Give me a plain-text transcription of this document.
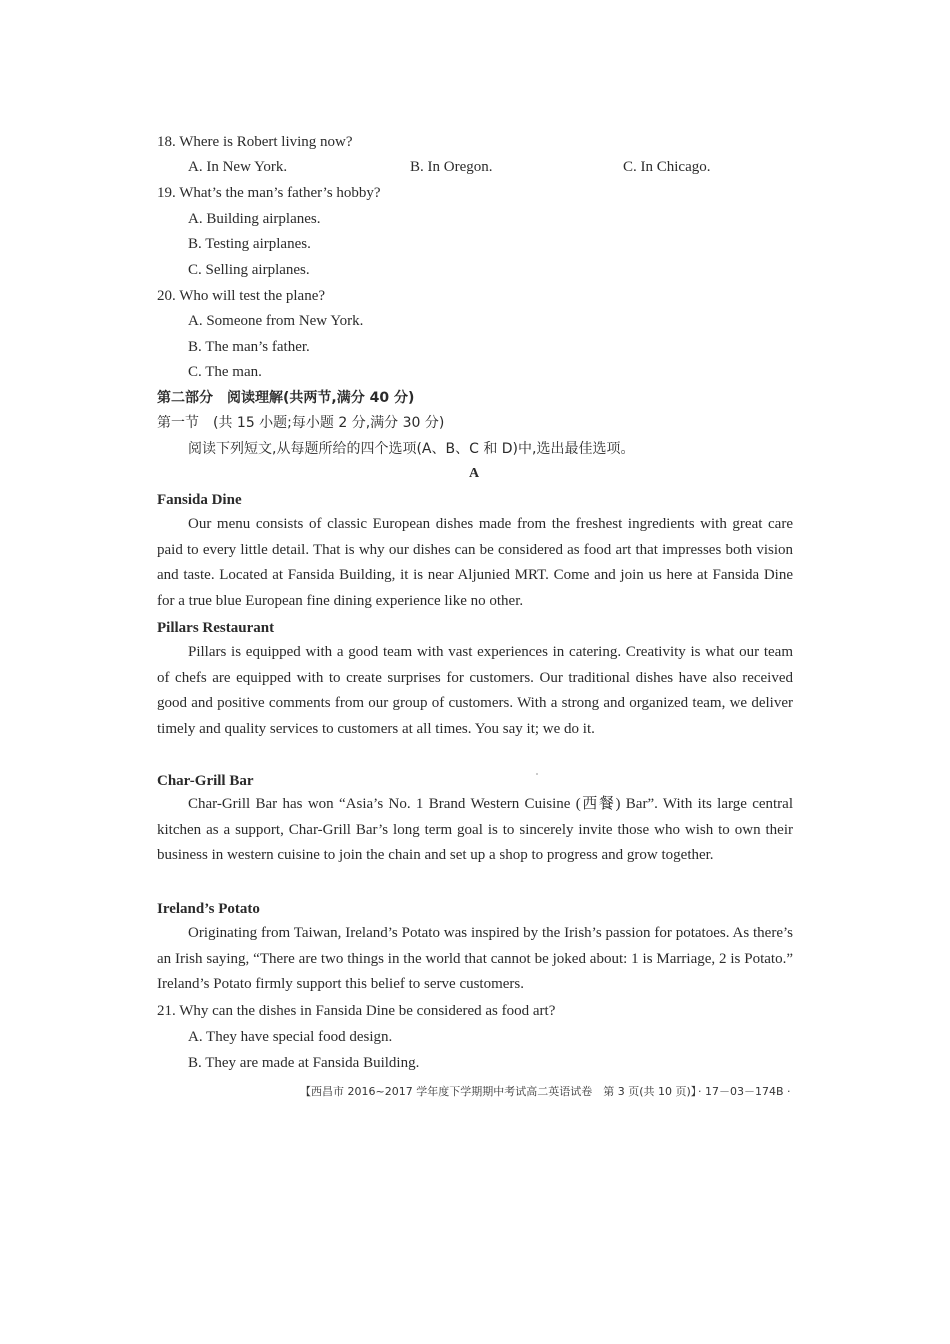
18. Where is Robert living now?
A. In New York.	B. In Oregon.	C. In Chicago.
19. What’s the man’s father’s hobby?
A. Building airplanes.
B. Testing airplanes.
C. Selling airplanes.
20. Who will test the plane?
A. Someone from New York.
B. The man’s father.
C. The man.
第二部分　阅读理解(共两节,满分 40 分)
第一节　(共 15 小题;每小题 2 分,满分 30 分)
阅读下列短文,从每题所给的四个选项(A、B、C 和 D)中,选出最佳选项。
A
Fansida Dine

Our menu consists of classic European dishes made from the freshest ingredients with great care paid to every little detail. That is why our dishes can be considered as food art that impresses both vision and taste. Located at Fansida Building, it is near Aljunied MRT. Come and join us here at Fansida Dine for a true blue European fine dining experience like no other.

Pillars Restaurant

Pillars is equipped with a good team with vast experiences in catering. Creativity is what our team of chefs are equipped with to create surprises for customers. Our traditional dishes have also received good and positive comments from our group of customers. With a strong and organized team, we deliver timely and quality services to customers at all times. You say it; we do it.

Char-Grill Bar

Char-Grill Bar has won “Asia’s No. 1 Brand Western Cuisine (西餐) Bar”. With its large central kitchen as a support, Char-Grill Bar’s long term goal is to sincerely invite those who wish to own their business in western cuisine to join the chain and set up a shop to progress and grow together.

Ireland’s Potato

Originating from Taiwan, Ireland’s Potato was inspired by the Irish’s passion for potatoes. As there’s an Irish saying, “There are two things in the world that cannot be joked about: 1 is Marriage, 2 is Potato.” Ireland’s Potato firmly support this belief to serve customers.

21. Why can the dishes in Fansida Dine be considered as food art?
A. They have special food design.
B. They are made at Fansida Building.
【西昌市 2016~2017 学年度下学期期中考试高二英语试卷　第 3 页(共 10 页)】
· 17－03－174B ·
